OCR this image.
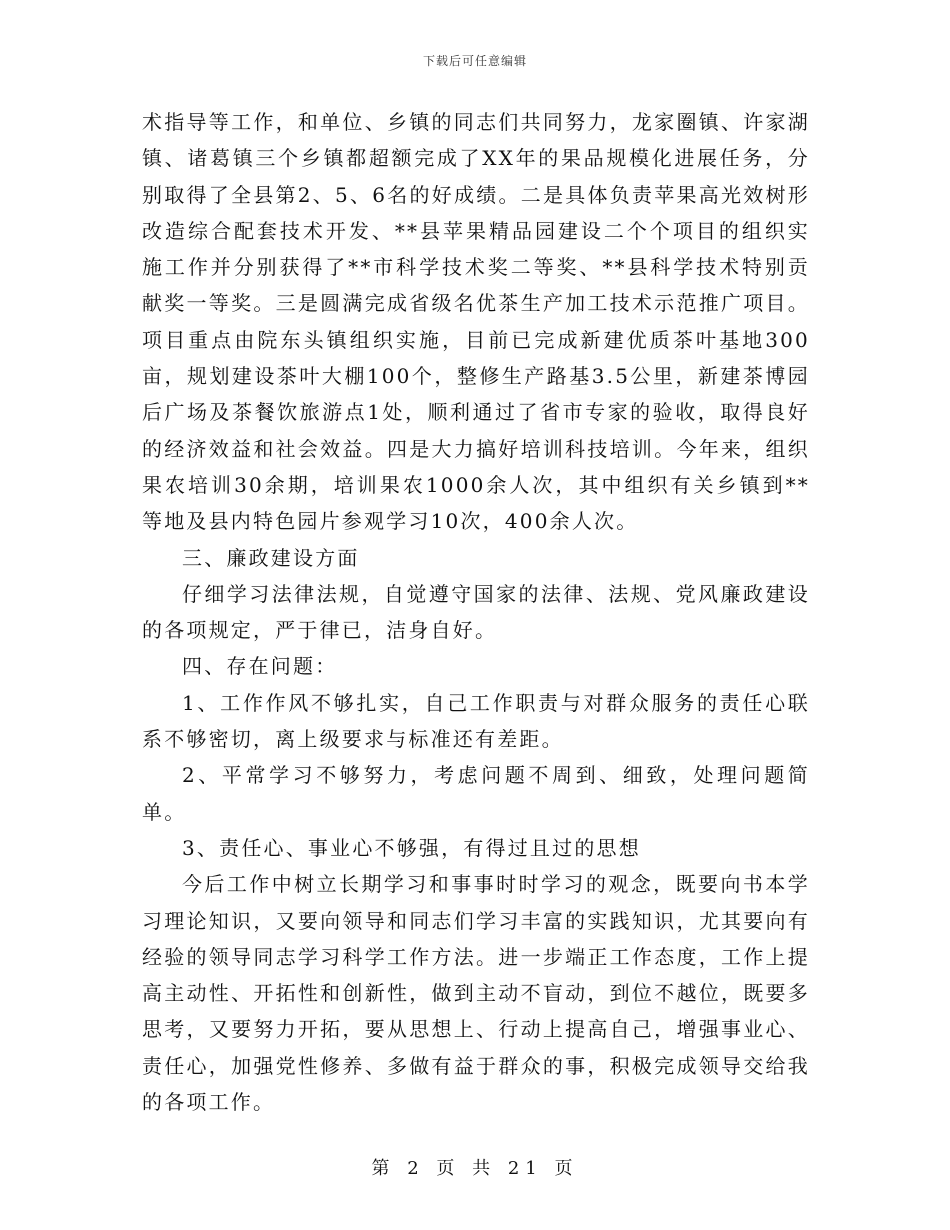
下载后可任意编辑

术指导等工作，和单位、乡镇的同志们共同努力，龙家圈镇、许家湖镇、诸葛镇三个乡镇都超额完成了XX年的果品规模化进展任务，分别取得了全县第2、5、6名的好成绩。二是具体负责苹果高光效树形改造综合配套技术开发、**县苹果精品园建设二个个项目的组织实施工作并分别获得了**市科学技术奖二等奖、**县科学技术特别贡献奖一等奖。三是圆满完成省级名优茶生产加工技术示范推广项目。项目重点由院东头镇组织实施，目前已完成新建优质茶叶基地300亩，规划建设茶叶大棚100个，整修生产路基3.5公里，新建茶博园后广场及茶餐饮旅游点1处，顺利通过了省市专家的验收，取得良好的经济效益和社会效益。四是大力搞好培训科技培训。今年来，组织果农培训30余期，培训果农1000余人次，其中组织有关乡镇到**等地及县内特色园片参观学习10次，400余人次。

三、廉政建设方面

仔细学习法律法规，自觉遵守国家的法律、法规、党风廉政建设的各项规定，严于律已，洁身自好。

四、存在问题：

1、工作作风不够扎实，自己工作职责与对群众服务的责任心联系不够密切，离上级要求与标准还有差距。

2、平常学习不够努力，考虑问题不周到、细致，处理问题简单。

3、责任心、事业心不够强，有得过且过的思想

今后工作中树立长期学习和事事时时学习的观念，既要向书本学习理论知识，又要向领导和同志们学习丰富的实践知识，尤其要向有经验的领导同志学习科学工作方法。进一步端正工作态度，工作上提高主动性、开拓性和创新性，做到主动不盲动，到位不越位，既要多思考，又要努力开拓，要从思想上、行动上提高自己，增强事业心、责任心，加强党性修养、多做有益于群众的事，积极完成领导交给我的各项工作。

第 2 页 共 21 页
